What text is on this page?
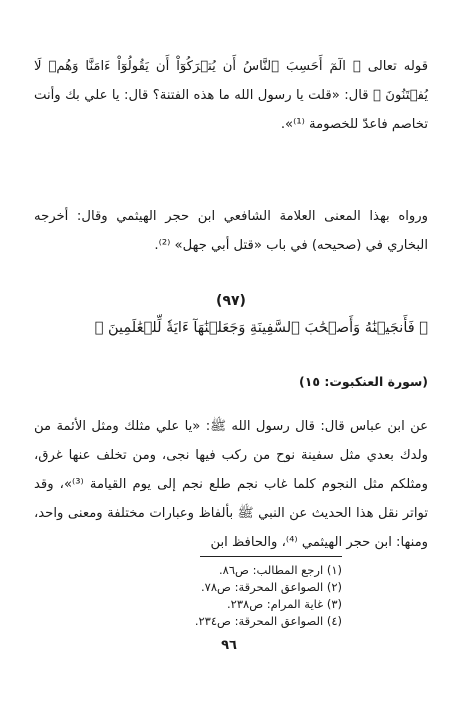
قوله تعالى ﴿ الٓمٓ أَحَسِبَ ٱلنَّاسُ أَن يُتۡرَكُوٓاْ أَن يَقُولُوٓاْ ءَامَنَّا وَهُمۡ لَا يُفۡتَنُونَ ﴾ قال: «قلت يا رسول الله ما هذه الفتنة؟ قال: يا علي بك وأنت تخاصم فاعدّ للخصومة ⁽¹⁾».

ورواه بهذا المعنى العلامة الشافعي ابن حجر الهيثمي وقال: أخرجه البخاري في (صحيحه) في باب «قتل أبي جهل» ⁽²⁾.

(٩٧)
﴿ فَأَنجَيۡنَٰهُ وَأَصۡحَٰبَ ٱلسَّفِينَةِ وَجَعَلۡنَٰهَآ ءَايَةٗ لِّلۡعَٰلَمِينَ ﴾
(سورة العنكبوت: ١٥)

عن ابن عباس قال: قال رسول الله ﷺ: «يا علي مثلك ومثل الأئمة من ولدك بعدي مثل سفينة نوح من ركب فيها نجى، ومن تخلف عنها غرق، ومثلكم مثل النجوم كلما غاب نجم طلع نجم إلى يوم القيامة ⁽³⁾»، وقد تواتر نقل هذا الحديث عن النبي ﷺ بألفاظ وعبارات مختلفة ومعنى واحد، ومنها: ابن حجر الهيثمي ⁽⁴⁾، والحافظ ابن

(١) ارجع المطالب: ص٨٦.
(٢) الصواعق المحرقة: ص٧٨.
(٣) غاية المرام: ص٢٣٨.
(٤) الصواعق المحرقة: ص٢٣٤.
٩٦
